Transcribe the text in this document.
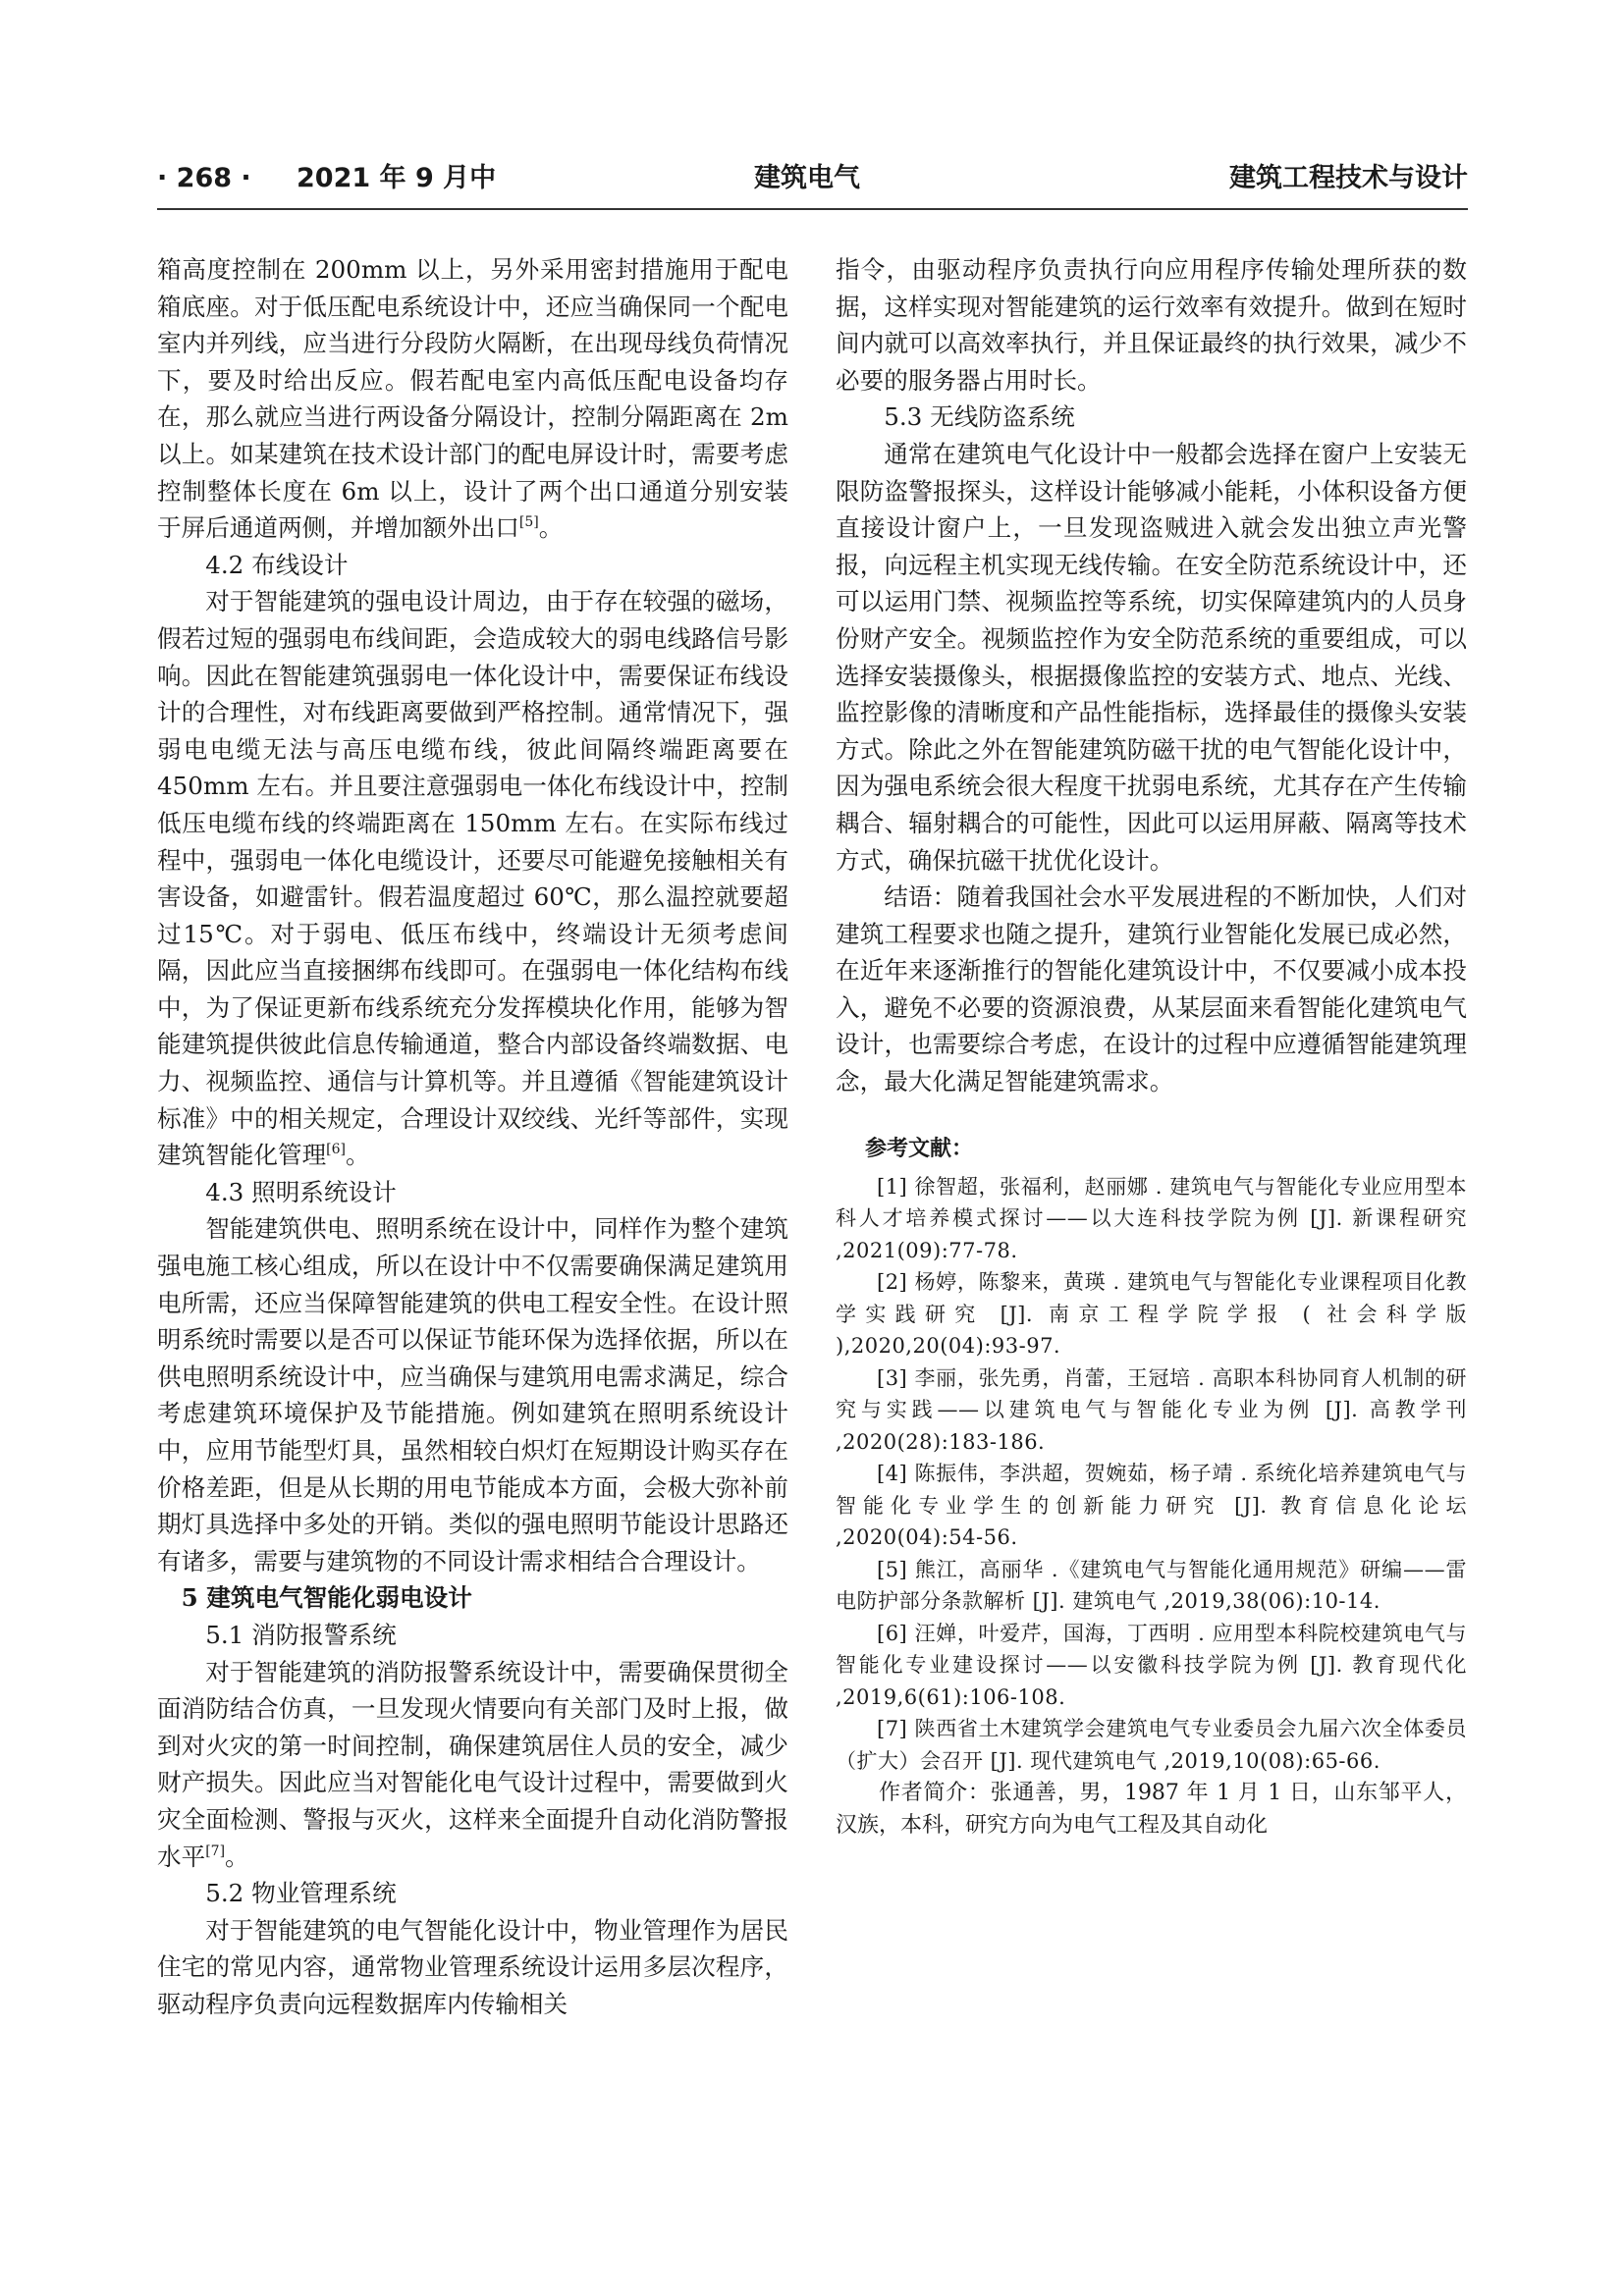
· 268 · 2021 年 9 月中	建筑电气	建筑工程技术与设计

箱高度控制在 200mm 以上，另外采用密封措施用于配电箱底座。对于低压配电系统设计中，还应当确保同一个配电室内并列线，应当进行分段防火隔断，在出现母线负荷情况下，要及时给出反应。假若配电室内高低压配电设备均存在，那么就应当进行两设备分隔设计，控制分隔距离在 2m 以上。如某建筑在技术设计部门的配电屏设计时，需要考虑控制整体长度在 6m 以上，设计了两个出口通道分别安装于屏后通道两侧，并增加额外出口[5]。

4.2 布线设计

对于智能建筑的强电设计周边，由于存在较强的磁场，假若过短的强弱电布线间距，会造成较大的弱电线路信号影响。因此在智能建筑强弱电一体化设计中，需要保证布线设计的合理性，对布线距离要做到严格控制。通常情况下，强弱电电缆无法与高压电缆布线，彼此间隔终端距离要在 450mm 左右。并且要注意强弱电一体化布线设计中，控制低压电缆布线的终端距离在 150mm 左右。在实际布线过程中，强弱电一体化电缆设计，还要尽可能避免接触相关有害设备，如避雷针。假若温度超过 60℃，那么温控就要超过15℃。对于弱电、低压布线中，终端设计无须考虑间隔，因此应当直接捆绑布线即可。在强弱电一体化结构布线中，为了保证更新布线系统充分发挥模块化作用，能够为智能建筑提供彼此信息传输通道，整合内部设备终端数据、电力、视频监控、通信与计算机等。并且遵循《智能建筑设计标准》中的相关规定，合理设计双绞线、光纤等部件，实现建筑智能化管理[6]。

4.3 照明系统设计

智能建筑供电、照明系统在设计中，同样作为整个建筑强电施工核心组成，所以在设计中不仅需要确保满足建筑用电所需，还应当保障智能建筑的供电工程安全性。在设计照明系统时需要以是否可以保证节能环保为选择依据，所以在供电照明系统设计中，应当确保与建筑用电需求满足，综合考虑建筑环境保护及节能措施。例如建筑在照明系统设计中，应用节能型灯具，虽然相较白炽灯在短期设计购买存在价格差距，但是从长期的用电节能成本方面，会极大弥补前期灯具选择中多处的开销。类似的强电照明节能设计思路还有诸多，需要与建筑物的不同设计需求相结合合理设计。

5 建筑电气智能化弱电设计
5.1 消防报警系统

对于智能建筑的消防报警系统设计中，需要确保贯彻全面消防结合仿真，一旦发现火情要向有关部门及时上报，做到对火灾的第一时间控制，确保建筑居住人员的安全，减少财产损失。因此应当对智能化电气设计过程中，需要做到火灾全面检测、警报与灭火，这样来全面提升自动化消防警报水平[7]。

5.2 物业管理系统

对于智能建筑的电气智能化设计中，物业管理作为居民住宅的常见内容，通常物业管理系统设计运用多层次程序，驱动程序负责向远程数据库内传输相关

指令，由驱动程序负责执行向应用程序传输处理所获的数据，这样实现对智能建筑的运行效率有效提升。做到在短时间内就可以高效率执行，并且保证最终的执行效果，减少不必要的服务器占用时长。

5.3 无线防盗系统

通常在建筑电气化设计中一般都会选择在窗户上安装无限防盗警报探头，这样设计能够减小能耗，小体积设备方便直接设计窗户上，一旦发现盗贼进入就会发出独立声光警报，向远程主机实现无线传输。在安全防范系统设计中，还可以运用门禁、视频监控等系统，切实保障建筑内的人员身份财产安全。视频监控作为安全防范系统的重要组成，可以选择安装摄像头，根据摄像监控的安装方式、地点、光线、监控影像的清晰度和产品性能指标，选择最佳的摄像头安装方式。除此之外在智能建筑防磁干扰的电气智能化设计中，因为强电系统会很大程度干扰弱电系统，尤其存在产生传输耦合、辐射耦合的可能性，因此可以运用屏蔽、隔离等技术方式，确保抗磁干扰优化设计。

结语：随着我国社会水平发展进程的不断加快，人们对建筑工程要求也随之提升，建筑行业智能化发展已成必然，在近年来逐渐推行的智能化建筑设计中，不仅要减小成本投入，避免不必要的资源浪费，从某层面来看智能化建筑电气设计，也需要综合考虑，在设计的过程中应遵循智能建筑理念，最大化满足智能建筑需求。

参考文献：

[1] 徐智超，张福利，赵丽娜 . 建筑电气与智能化专业应用型本科人才培养模式探讨——以大连科技学院为例 [J]. 新课程研究 ,2021(09):77-78.

[2] 杨婷，陈黎来，黄瑛 . 建筑电气与智能化专业课程项目化教学实践研究 [J]. 南京工程学院学报 ( 社会科学版 ),2020,20(04):93-97.

[3] 李丽，张先勇，肖蕾，王冠培 . 高职本科协同育人机制的研究与实践——以建筑电气与智能化专业为例 [J]. 高教学刊 ,2020(28):183-186.

[4] 陈振伟，李洪超，贺婉茹，杨子靖 . 系统化培养建筑电气与智能化专业学生的创新能力研究 [J]. 教育信息化论坛 ,2020(04):54-56.

[5] 熊江，高丽华 .《建筑电气与智能化通用规范》研编——雷电防护部分条款解析 [J]. 建筑电气 ,2019,38(06):10-14.

[6] 汪婵，叶爱芹，国海，丁西明 . 应用型本科院校建筑电气与智能化专业建设探讨——以安徽科技学院为例 [J]. 教育现代化 ,2019,6(61):106-108.

[7] 陕西省土木建筑学会建筑电气专业委员会九届六次全体委员（扩大）会召开 [J]. 现代建筑电气 ,2019,10(08):65-66.

作者简介：张通善，男，1987 年 1 月 1 日，山东邹平人，汉族，本科，研究方向为电气工程及其自动化
